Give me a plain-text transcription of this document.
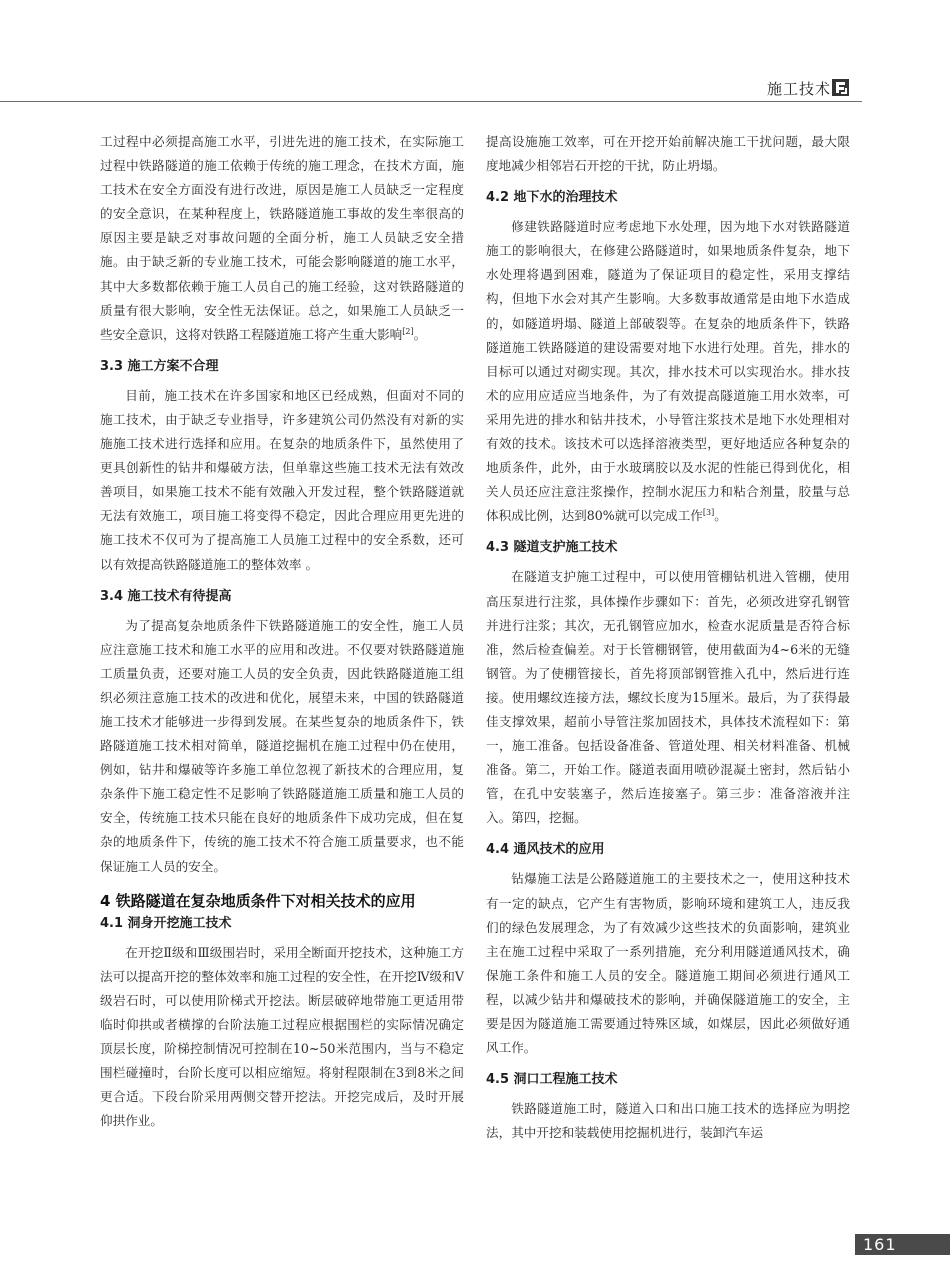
施工技术

工过程中必须提高施工水平，引进先进的施工技术，在实际施工过程中铁路隧道的施工依赖于传统的施工理念，在技术方面，施工技术在安全方面没有进行改进，原因是施工人员缺乏一定程度的安全意识，在某种程度上，铁路隧道施工事故的发生率很高的原因主要是缺乏对事故问题的全面分析，施工人员缺乏安全措施。由于缺乏新的专业施工技术，可能会影响隧道的施工水平，其中大多数都依赖于施工人员自己的施工经验，这对铁路隧道的质量有很大影响，安全性无法保证。总之，如果施工人员缺乏一些安全意识，这将对铁路工程隧道施工将产生重大影响[2]。

3.3 施工方案不合理

目前，施工技术在许多国家和地区已经成熟，但面对不同的施工技术，由于缺乏专业指导，许多建筑公司仍然没有对新的实施施工技术进行选择和应用。在复杂的地质条件下，虽然使用了更具创新性的钻井和爆破方法，但单靠这些施工技术无法有效改善项目，如果施工技术不能有效融入开发过程，整个铁路隧道就无法有效施工，项目施工将变得不稳定，因此合理应用更先进的施工技术不仅可为了提高施工人员施工过程中的安全系数，还可以有效提高铁路隧道施工的整体效率 。

3.4 施工技术有待提高

为了提高复杂地质条件下铁路隧道施工的安全性，施工人员应注意施工技术和施工水平的应用和改进。不仅要对铁路隧道施工质量负责，还要对施工人员的安全负责，因此铁路隧道施工组织必须注意施工技术的改进和优化，展望未来，中国的铁路隧道施工技术才能够进一步得到发展。在某些复杂的地质条件下，铁路隧道施工技术相对简单，隧道挖掘机在施工过程中仍在使用，例如，钻井和爆破等许多施工单位忽视了新技术的合理应用，复杂条件下施工稳定性不足影响了铁路隧道施工质量和施工人员的安全，传统施工技术只能在良好的地质条件下成功完成，但在复杂的地质条件下，传统的施工技术不符合施工质量要求，也不能保证施工人员的安全。

4 铁路隧道在复杂地质条件下对相关技术的应用
4.1 洞身开挖施工技术

在开挖Ⅱ级和Ⅲ级围岩时，采用全断面开挖技术，这种施工方法可以提高开挖的整体效率和施工过程的安全性，在开挖Ⅳ级和Ⅴ级岩石时，可以使用阶梯式开挖法。断层破碎地带施工更适用带临时仰拱或者横撑的台阶法施工过程应根据围栏的实际情况确定顶层长度，阶梯控制情况可控制在10~50米范围内，当与不稳定围栏碰撞时，台阶长度可以相应缩短。将射程限制在3到8米之间更合适。下段台阶采用两侧交替开挖法。开挖完成后，及时开展仰拱作业。

提高设施施工效率，可在开挖开始前解决施工干扰问题，最大限度地减少相邻岩石开挖的干扰，防止坍塌。

4.2 地下水的治理技术

修建铁路隧道时应考虑地下水处理，因为地下水对铁路隧道施工的影响很大，在修建公路隧道时，如果地质条件复杂，地下水处理将遇到困难，隧道为了保证项目的稳定性，采用支撑结构，但地下水会对其产生影响。大多数事故通常是由地下水造成的，如隧道坍塌、隧道上部破裂等。在复杂的地质条件下，铁路隧道施工铁路隧道的建设需要对地下水进行处理。首先，排水的目标可以通过对砌实现。其次，排水技术可以实现治水。排水技术的应用应适应当地条件，为了有效提高隧道施工用水效率，可采用先进的排水和钻井技术，小导管注浆技术是地下水处理相对有效的技术。该技术可以选择溶液类型，更好地适应各种复杂的地质条件，此外，由于水玻璃胶以及水泥的性能已得到优化，相关人员还应注意注浆操作，控制水泥压力和粘合剂量，胶量与总体积成比例，达到80%就可以完成工作[3]。

4.3 隧道支护施工技术

在隧道支护施工过程中，可以使用管棚钻机进入管棚，使用高压泵进行注浆，具体操作步骤如下：首先，必须改进穿孔钢管并进行注浆；其次，无孔钢管应加水，检查水泥质量是否符合标准，然后检查偏差。对于长管棚钢管，使用截面为4~6米的无缝钢管。为了使棚管接长，首先将顶部钢管推入孔中，然后进行连接。使用螺纹连接方法，螺纹长度为15厘米。最后，为了获得最佳支撑效果，超前小导管注浆加固技术，具体技术流程如下：第一，施工准备。包括设备准备、管道处理、相关材料准备、机械准备。第二，开始工作。隧道表面用喷砂混凝土密封，然后钻小管，在孔中安装塞子，然后连接塞子。第三步：准备溶液并注入。第四，挖掘。

4.4 通风技术的应用

钻爆施工法是公路隧道施工的主要技术之一，使用这种技术有一定的缺点，它产生有害物质，影响环境和建筑工人，违反我们的绿色发展理念，为了有效减少这些技术的负面影响，建筑业主在施工过程中采取了一系列措施，充分利用隧道通风技术，确保施工条件和施工人员的安全。隧道施工期间必须进行通风工程，以减少钻井和爆破技术的影响，并确保隧道施工的安全，主要是因为隧道施工需要通过特殊区域，如煤层，因此必须做好通风工作。

4.5 洞口工程施工技术

铁路隧道施工时，隧道入口和出口施工技术的选择应为明挖法，其中开挖和装载使用挖掘机进行，装卸汽车运

161
